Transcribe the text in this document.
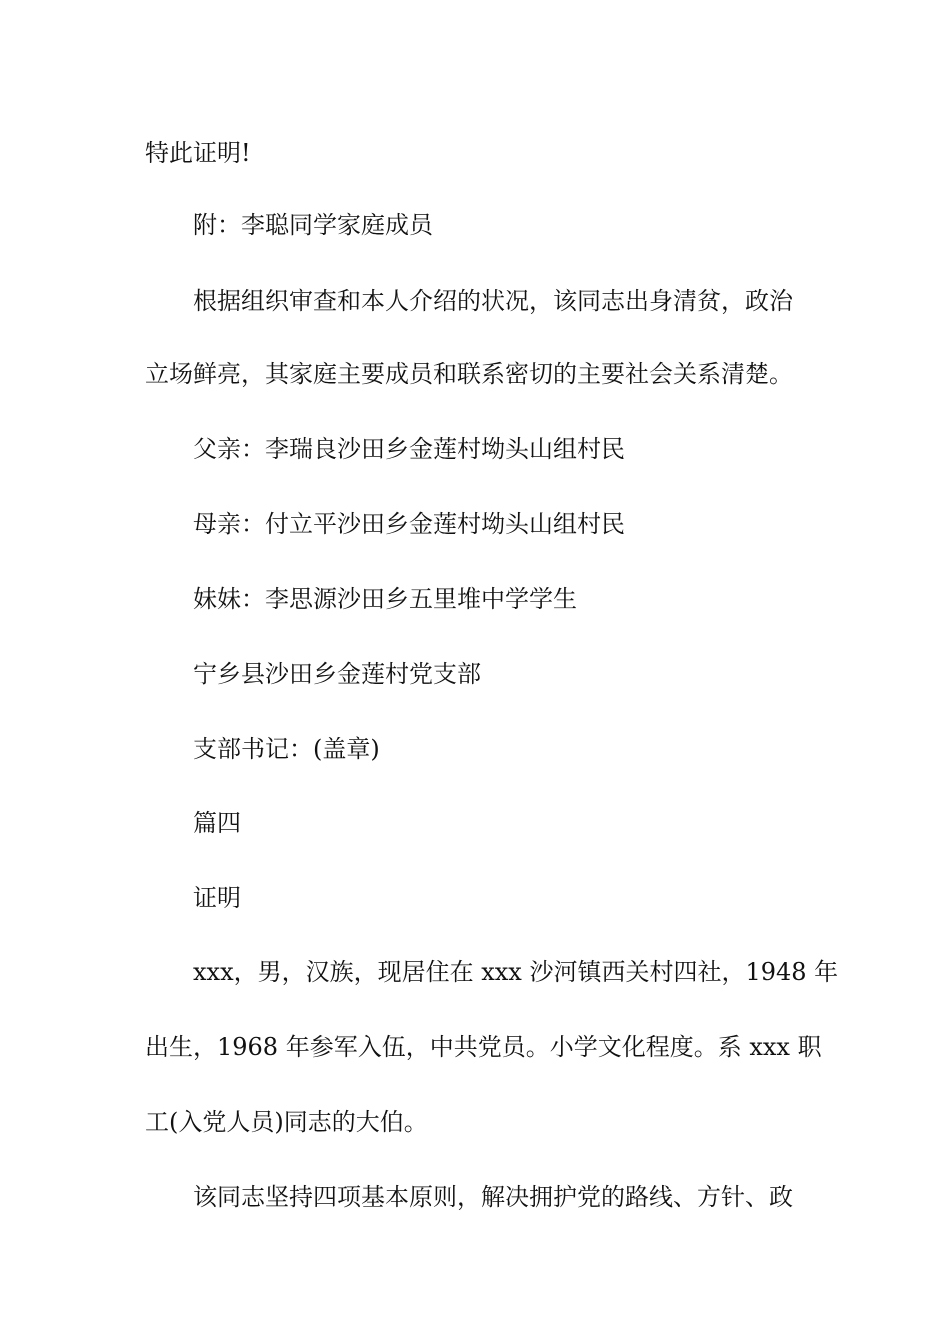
特此证明!
附：李聪同学家庭成员
根据组织审查和本人介绍的状况，该同志出身清贫，政治
立场鲜亮，其家庭主要成员和联系密切的主要社会关系清楚。
父亲：李瑞良沙田乡金莲村坳头山组村民
母亲：付立平沙田乡金莲村坳头山组村民
妹妹：李思源沙田乡五里堆中学学生
宁乡县沙田乡金莲村党支部
支部书记：(盖章)
篇四
证明
xxx，男，汉族，现居住在 xxx 沙河镇西关村四社，1948 年
出生，1968 年参军入伍，中共党员。小学文化程度。系 xxx 职
工(入党人员)同志的大伯。
该同志坚持四项基本原则，解决拥护党的路线、方针、政
